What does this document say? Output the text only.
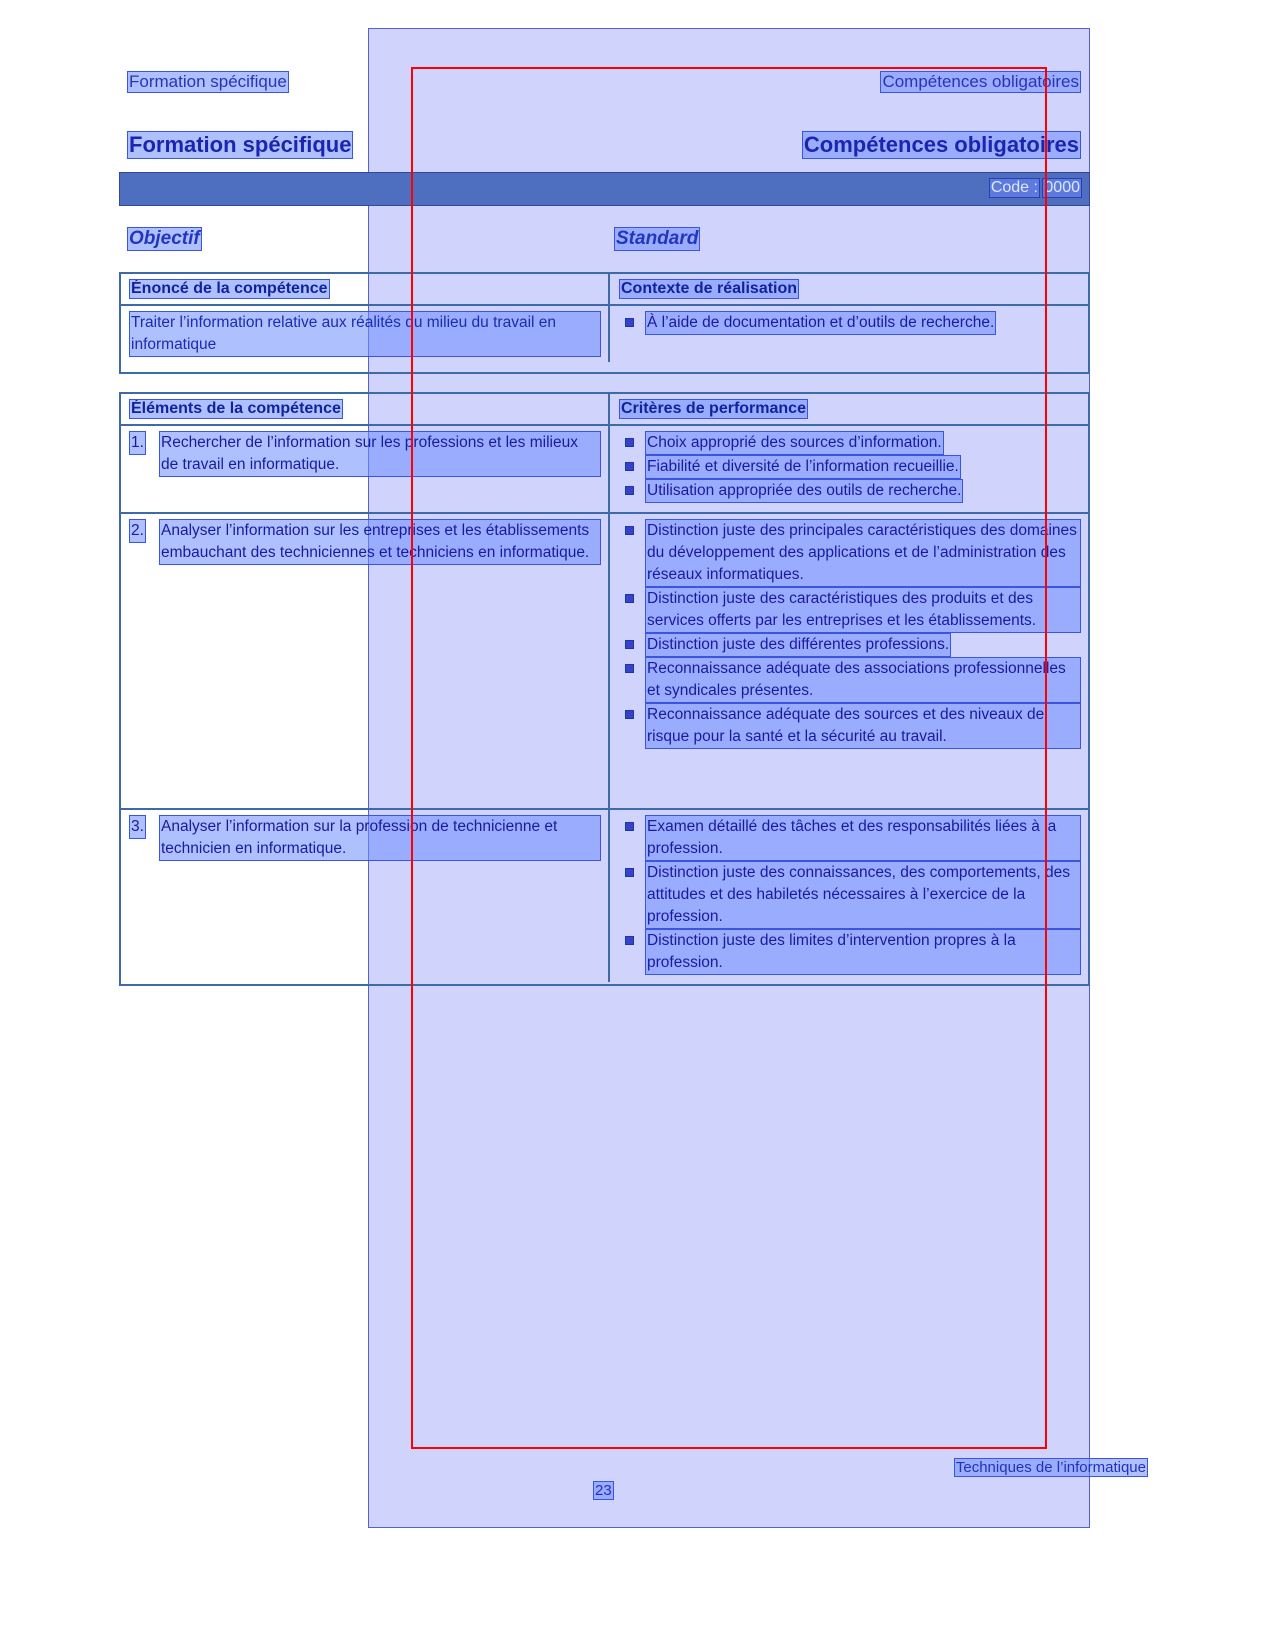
Formation spécifique	Compétences obligatoires
Formation spécifique	Compétences obligatoires
Code : 0000
Objectif	Standard
Énoncé de la compétence	Contexte de réalisation
Traiter l’information relative aux réalités du milieu du travail en informatique
À l’aide de documentation et d’outils de recherche.
Éléments de la compétence	Critères de performance
1. Rechercher de l’information sur les professions et les milieux de travail en informatique.
Choix approprié des sources d’information.
Fiabilité et diversité de l’information recueillie.
Utilisation appropriée des outils de recherche.
2. Analyser l’information sur les entreprises et les établissements embauchant des techniciennes et techniciens en informatique.
Distinction juste des principales caractéristiques des domaines du développement des applications et de l’administration des réseaux informatiques.
Distinction juste des caractéristiques des produits et des services offerts par les entreprises et les établissements.
Distinction juste des différentes professions.
Reconnaissance adéquate des associations professionnelles et syndicales présentes.
Reconnaissance adéquate des sources et des niveaux de risque pour la santé et la sécurité au travail.
3. Analyser l’information sur la profession de technicienne et technicien en informatique.
Examen détaillé des tâches et des responsabilités liées à la profession.
Distinction juste des connaissances, des comportements, des attitudes et des habiletés nécessaires à l’exercice de la profession.
Distinction juste des limites d’intervention propres à la profession.
Techniques de l’informatique
23
